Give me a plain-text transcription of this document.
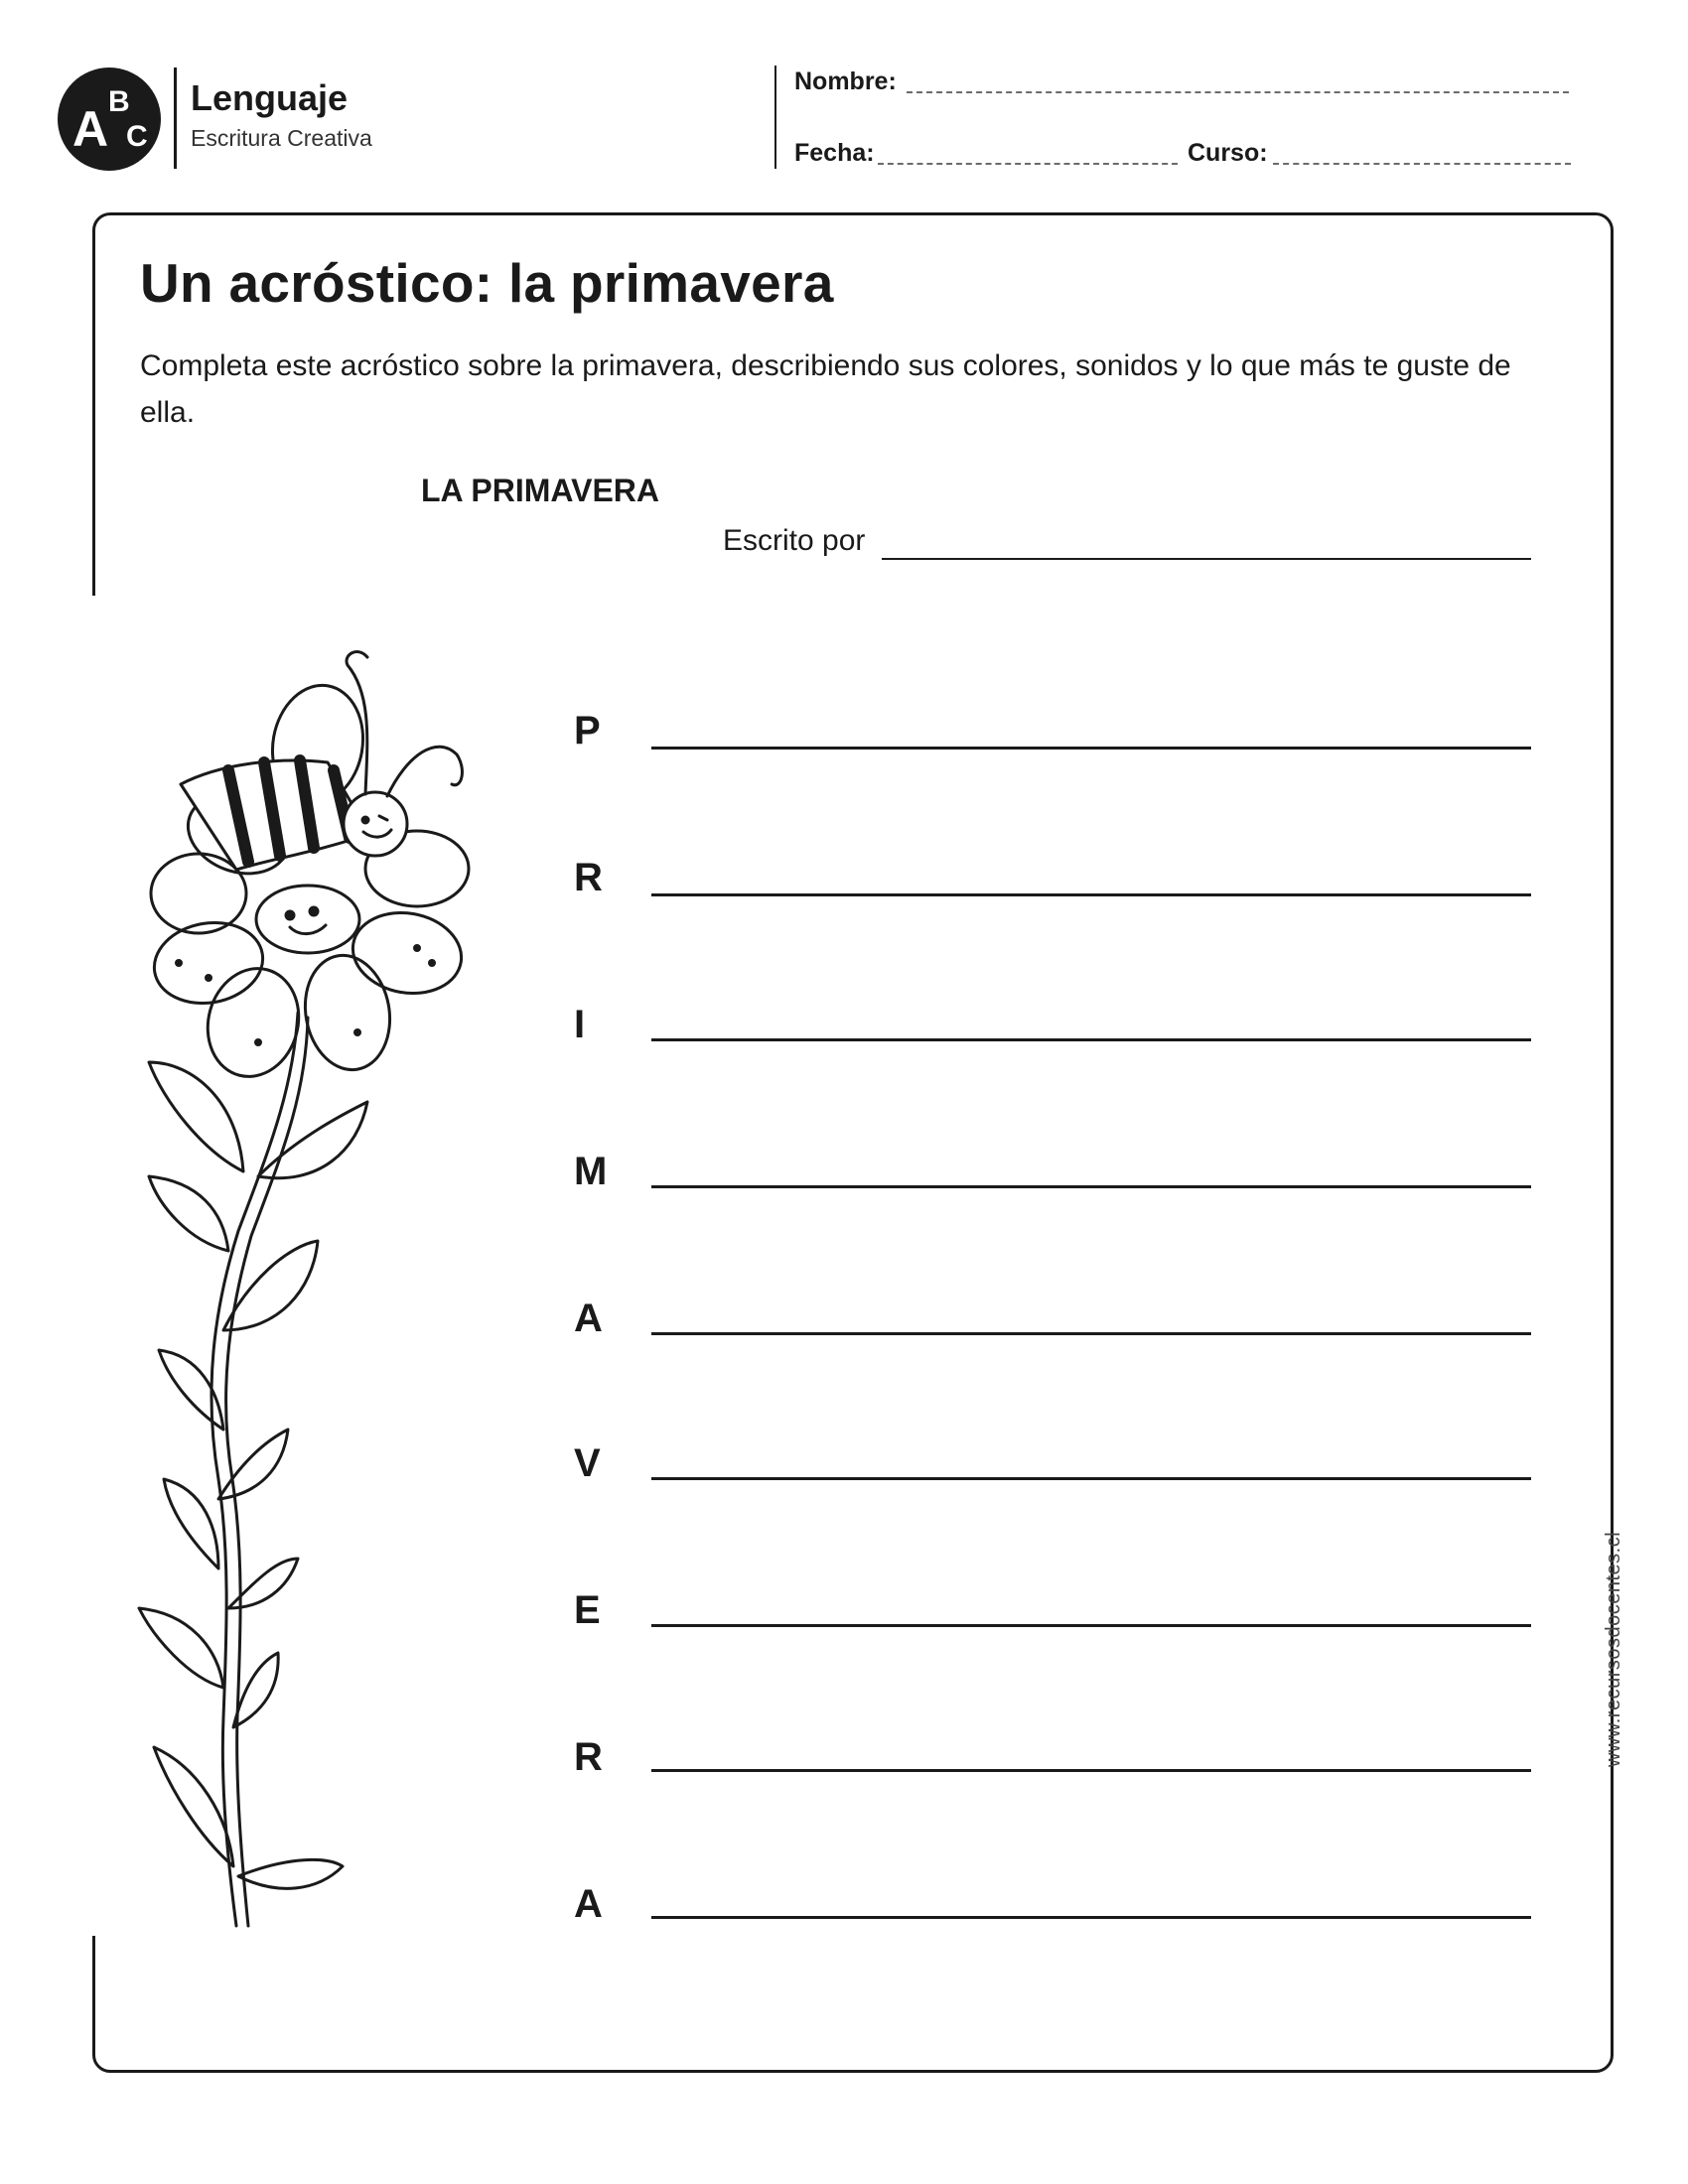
A B
C
Lenguaje
Escritura Creativa
Nombre:
Fecha:	Curso:
Un acróstico: la primavera
Completa este acróstico sobre la primavera, describiendo sus colores, sonidos y lo que más te guste de ella.
LA PRIMAVERA
Escrito por
P
R
I
M
A
V
E
R
A
www.recursosdocentes.cl
